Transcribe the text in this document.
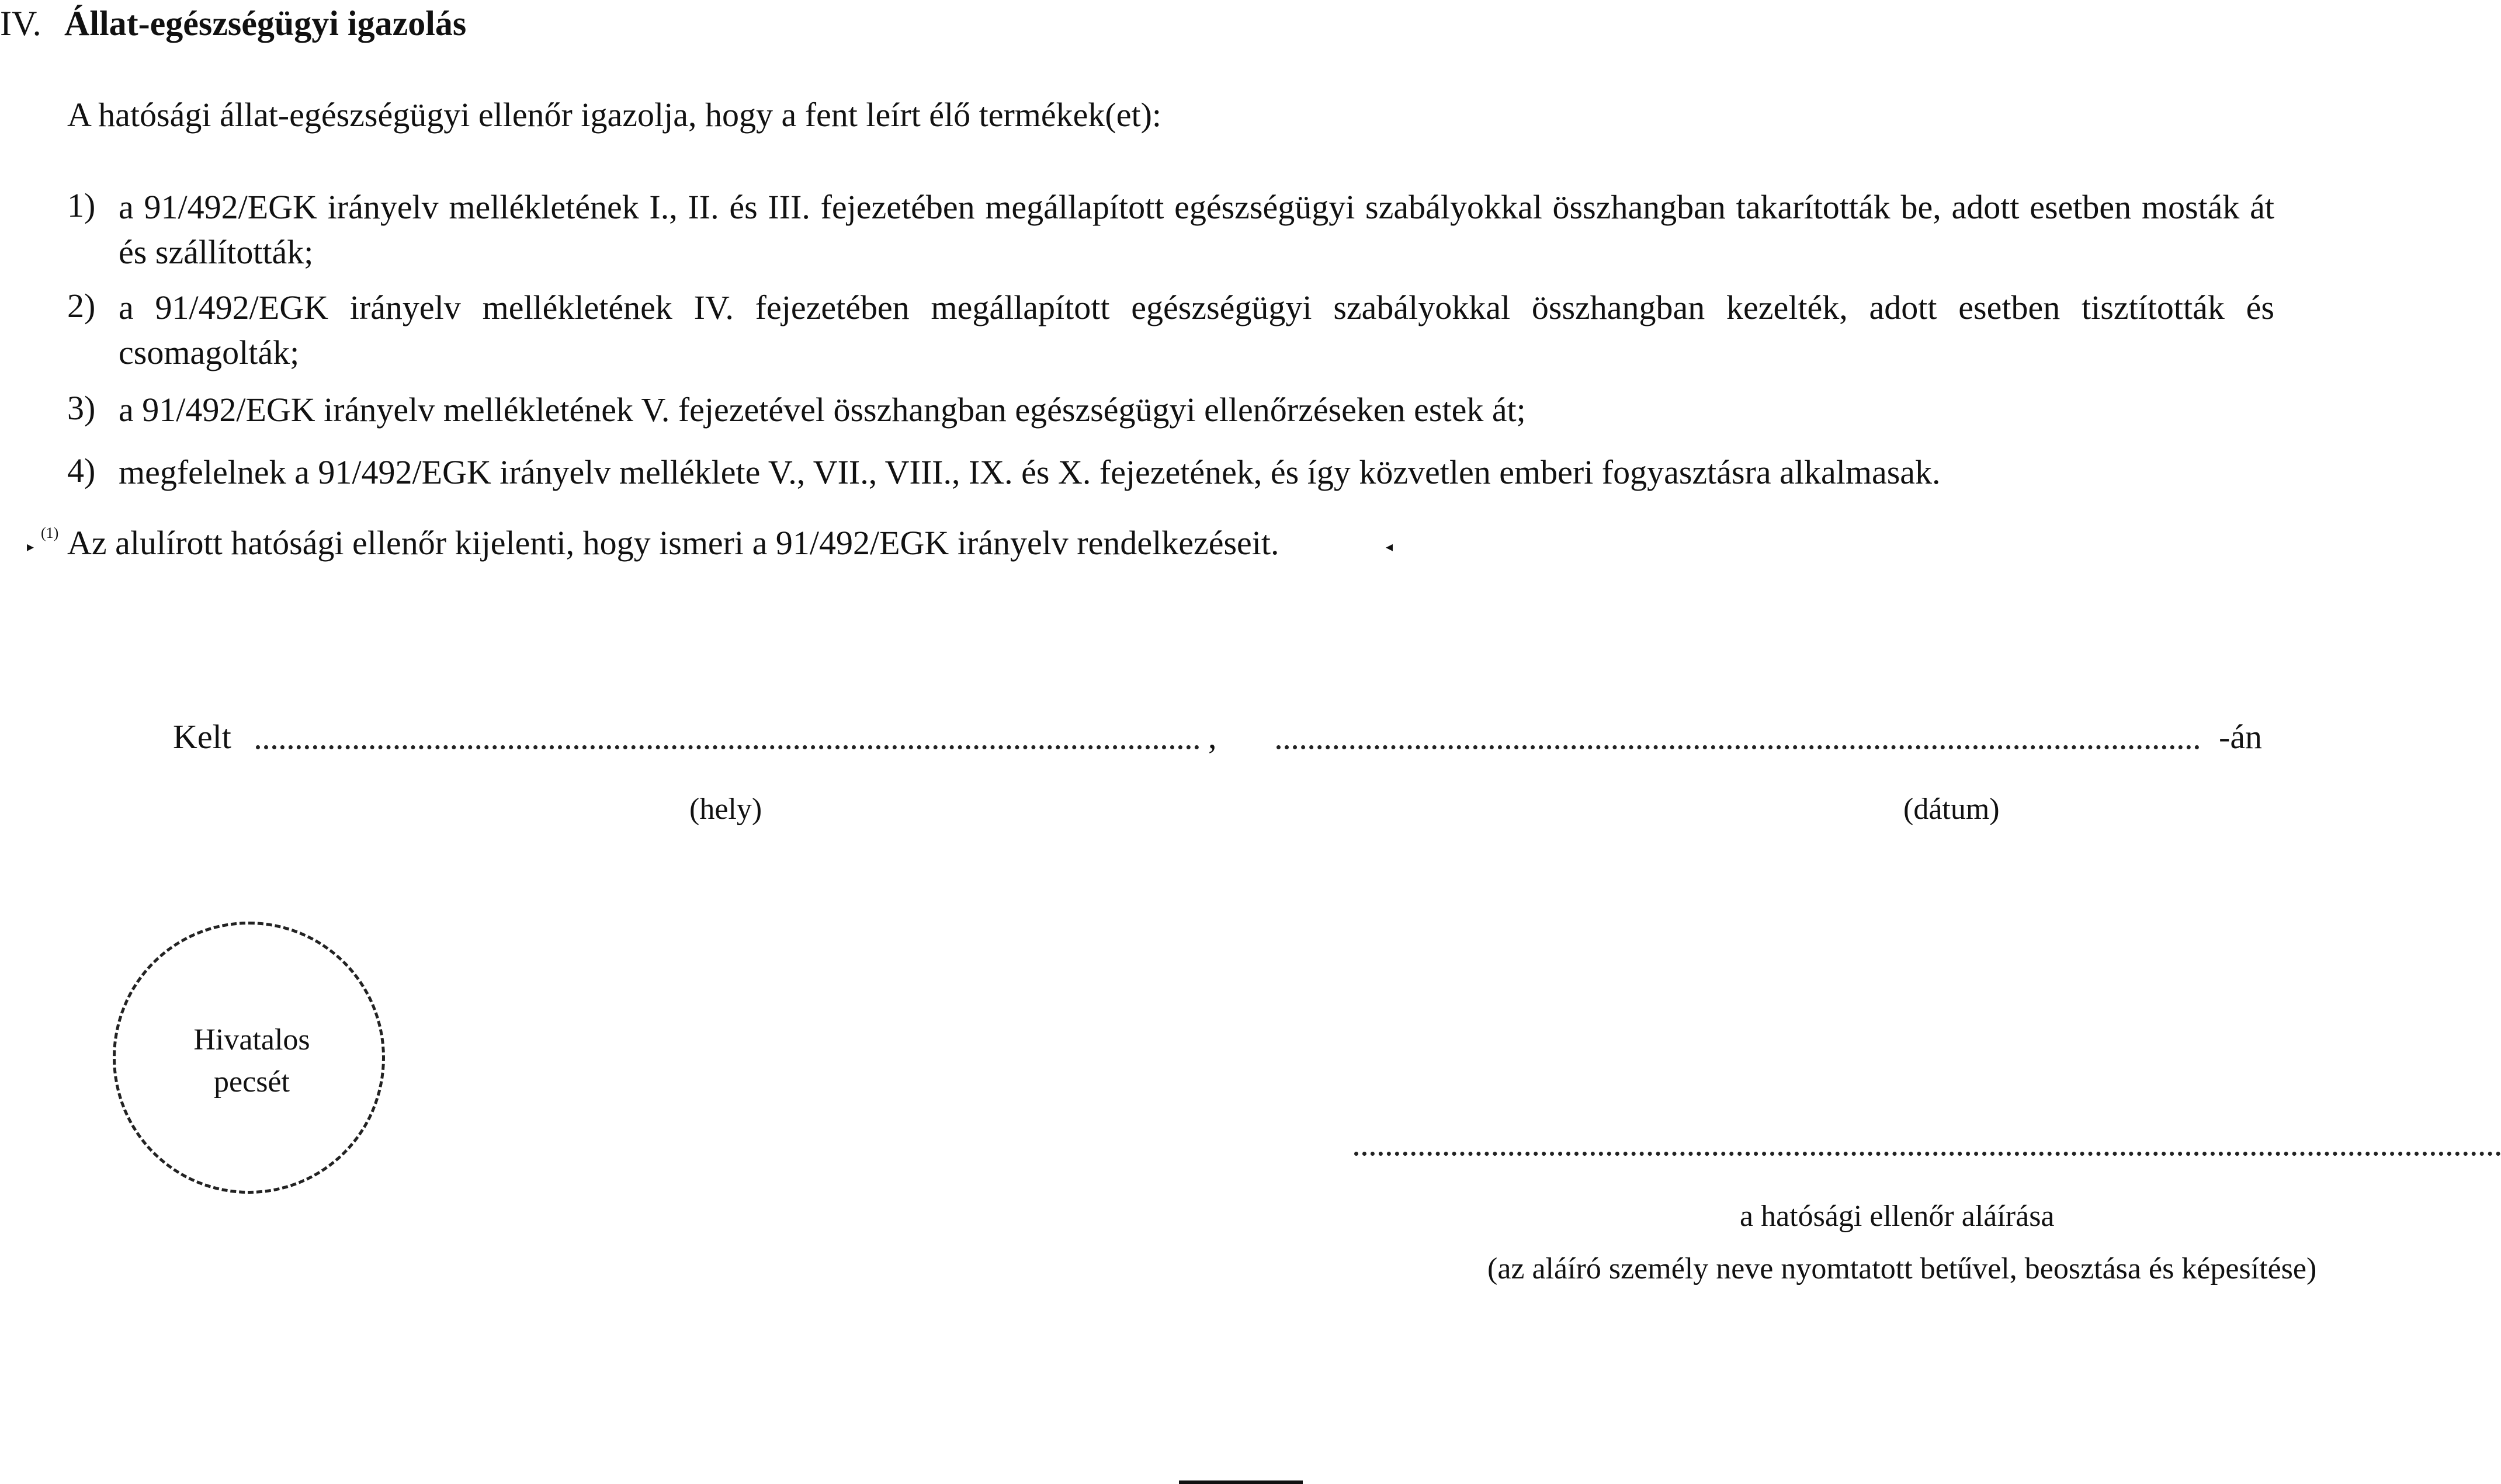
IV. Állat-egészségügyi igazolás
A hatósági állat-egészségügyi ellenőr igazolja, hogy a fent leírt élő termékek(et):
1) a 91/492/EGK irányelv mellékletének I., II. és III. fejezetében megállapított egészségügyi szabályokkal összhangban takarították be, adott esetben mosták át és szállították;
2) a 91/492/EGK irányelv mellékletének IV. fejezetében megállapított egészségügyi szabályokkal összhangban kezelték, adott esetben tisztították és csomagolták;
3) a 91/492/EGK irányelv mellékletének V. fejezetével összhangban egészségügyi ellenőrzéseken estek át;
4) megfelelnek a 91/492/EGK irányelv melléklete V., VII., VIII., IX. és X. fejezetének, és így közvetlen emberi fogyasztásra alkalmasak.
▸
(1) Az alulírott hatósági ellenőr kijelenti, hogy ismeri a 91/492/EGK irányelv rendelkezéseit.	◂
Kelt	,	-án
(hely)	(dátum)
Hivatalos
pecsét
a hatósági ellenőr aláírása
(az aláíró személy neve nyomtatott betűvel, beosztása és képesítése)
